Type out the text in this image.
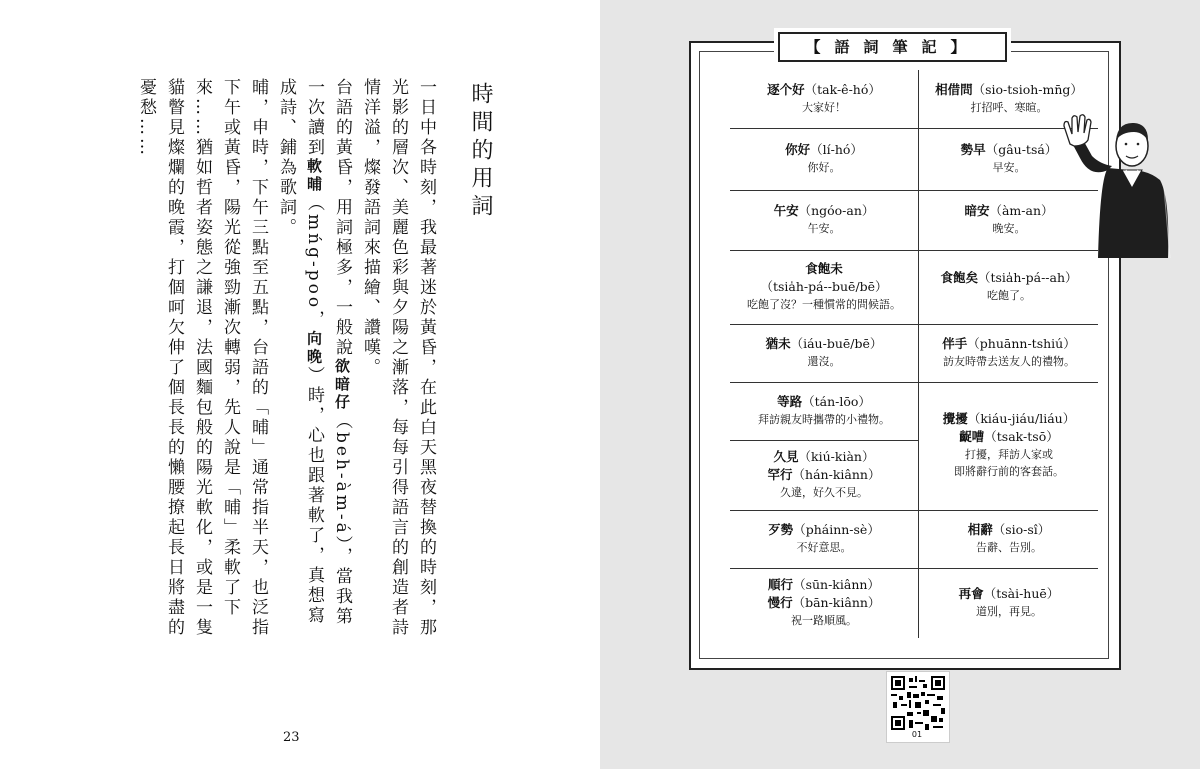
時間的用詞

一日中各時刻，我最著迷於黃昏，在此白天黑夜替換的時刻，那光影的層次、美麗色彩與夕陽之漸落，每每引得語言的創造者詩情洋溢，燦發語詞來描繪、讚嘆。

台語的黃昏，用詞極多，一般說欲暗仔（beh-àm-á），當我第一次讀到軟晡（mńg-poo，向晚）時，心也跟著軟了，真想寫成詩、鋪為歌詞。

晡，申時，下午三點至五點，台語的「晡」通常指半天，也泛指下午或黃昏，陽光從強勁漸次轉弱，先人說是「晡」柔軟了下來……猶如哲者姿態之謙退，法國麵包般的陽光軟化，或是一隻貓瞥見燦爛的晚霞，打個呵欠伸了個長長的懶腰撩起長日將盡的憂愁……

23
【語詞筆記】
逐个好（tak-ê-hó）
大家好！
相借問（sio-tsioh-mn̄g）
打招呼、寒暄。
你好（lí-hó）
你好。
勢早（gâu-tsá）
早安。
午安（ngóo-an）
午安。
暗安（àm-an）
晚安。
食飽未
（tsia̍h-pá--buē/bē）
吃飽了沒？一種慣常的問候語。
食飽矣（tsia̍h-pá--ah）
吃飽了。
猶未（iáu-buē/bē）
還沒。
伴手（phuānn-tshiú）
訪友時帶去送友人的禮物。
等路（tán-lōo）
拜訪親友時攜帶的小禮物。	攪擾（kiáu-jiáu/liáu）
齪嘈（tsak-tsō）
打擾，拜訪人家或
即將辭行前的客套話。
久見（kiú-kiàn）
罕行（hán-kiânn）
久違，好久不見。
歹勢（pháinn-sè）
不好意思。
相辭（sio-sî）
告辭、告別。
順行（sūn-kiânn）
慢行（bān-kiânn）
祝一路順風。
再會（tsài-huē）
道別，再見。
01
